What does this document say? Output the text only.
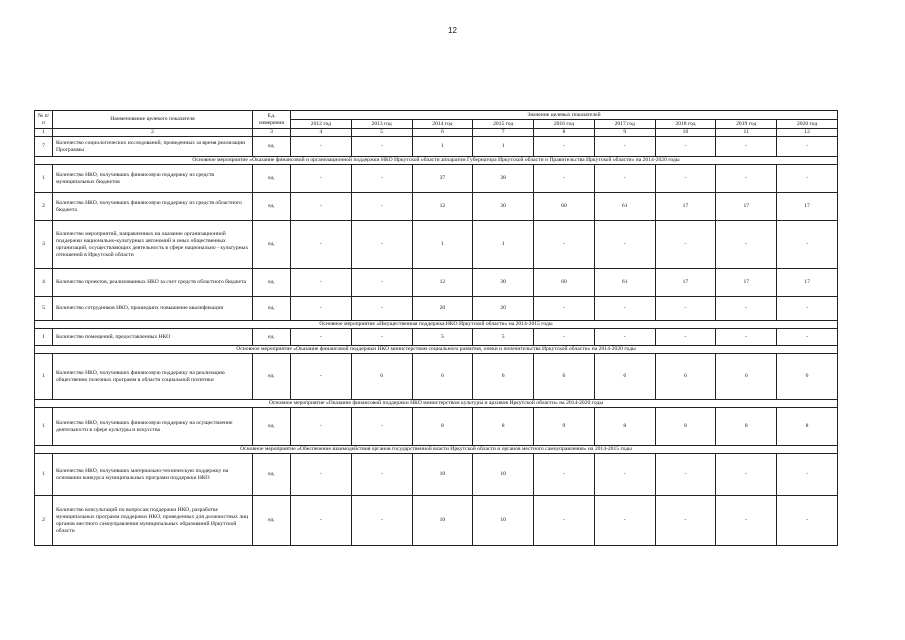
12
№ п/п	Наименование целевого показателя	Ед. измерения	Значение целевых показателей								
			2012 год	2013 год	2014 год	2015 год	2016 год	2017 год	2018 год	2019 год	2020 год
1	2	3	4	5	6	7	8	9	10	11	12
7	Количество социологических исследований, проведенных за время реализации Программы	ед.	-	-	1	1	-	-	-	-	-
Основное мероприятие «Оказание финансовой и организационной поддержки НКО Иркутской области аппаратом Губернатора Иркутской области и Правительства Иркутской области» на 2014-2020 годы											
1	Количество НКО, получивших финансовую поддержку из средств муниципальных бюджетов	ед.	-	-	37	38	-	-	-	-	-
2	Количество НКО, получивших финансовую поддержку из средств областного бюджета	ед.	-	-	12	30	60	61	17	17	17
3	Количество мероприятий, направленных на оказание организационной поддержки национально-культурных автономий и иных общественных организаций, осуществляющих деятельность в сфере национально - культурных отношений в Иркутской области	ед.	-	-	1	1	-	-	-	-	-
4	Количество проектов, реализованных НКО за счет средств областного бюджета	ед.	-	-	12	30	60	61	17	17	17
5	Количество сотрудников НКО, прошедших повышение квалификации	ед.	-	-	20	20	-	-	-	-	-
Основное мероприятие «Имущественная поддержка НКО Иркутской области» на 2014-2015 годы											
1	Количество помещений, предоставленных НКО	ед.	-	-	5	5	-	-	-	-	-
Основное мероприятие «Оказание финансовой поддержки НКО министерством социального развития, опеки и попечительства Иркутской области» на 2014-2020 годы											
1	Количество НКО, получивших финансовую поддержку на реализацию общественно полезных программ в области социальной политики	ед.	-	6	6	6	6	6	6	6	6
Основное мероприятие «Оказание финансовой поддержки НКО министерством культуры и архивов Иркутской области» на 2014-2020 годы											
1	Количество НКО, получивших финансовую поддержку на осуществление деятельности в сфере культуры и искусства	ед.	-	-	8	8	9	8	8	8	8
Основное мероприятие «Обеспечение взаимодействия органов государственной власти Иркутской области и органов местного самоуправления» на 2014-2015 годы											
1	Количество НКО, получивших материально-техническую поддержку на основании конкурса муниципальных программ поддержки НКО	ед.	-	-	10	10	-	-	-	-	-
2	Количество консультаций по вопросам поддержки НКО, разработке муниципальных программ поддержки НКО, проведенных для должностных лиц органов местного самоуправления муниципальных образований Иркутской области	ед.	-	-	10	10	-	-	-	-	-
